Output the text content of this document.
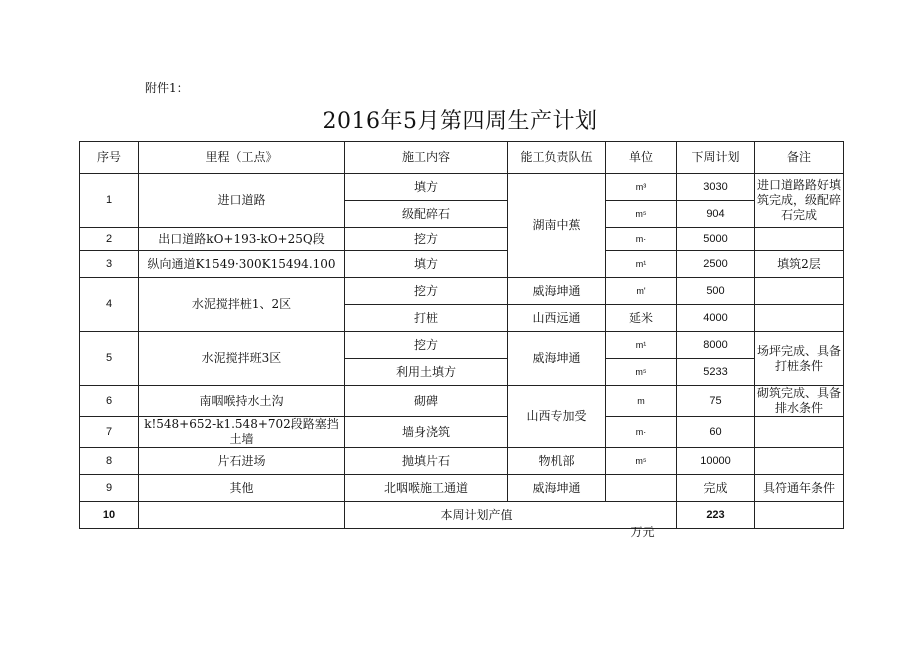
附件1：
2016年5月第四周生产计划
序号	里程（工点》	施工内容	能工负责队伍	单位	下周计划	备注
1	进口道路	填方	湖南中蕉	m³	3030	进口道路路好填筑完成，级配碎石完成
		级配碎石		m⁵	904	
2	出口道路kO+193-kO+25Q段	挖方		m·	5000	
3	纵向通道K1549·300K15494.100	填方		m¹	2500	填筑2层
4	水泥搅拌桩1、2区	挖方	威海坤通	m'	500	
		打桩	山西远通	延米	4000	
5	水泥搅拌班3区	挖方	威海坤通	m¹	8000	场坪完成、具备打桩条件
		利用土填方		m⁵	5233	
6	南咽喉持水土沟	砌碑	山西专加受	m	75	砌筑完成、具备排水条件
7	k!548+652-k1.548+702段路塞挡土墙	墙身浇筑		m·	60	
8	片石进场	抛填片石	物机部	m⁵	10000	
9	其他	北咽喉施工通道	威海坤通		完成	具符通年条件
10		本周计划产值			223	
万元
